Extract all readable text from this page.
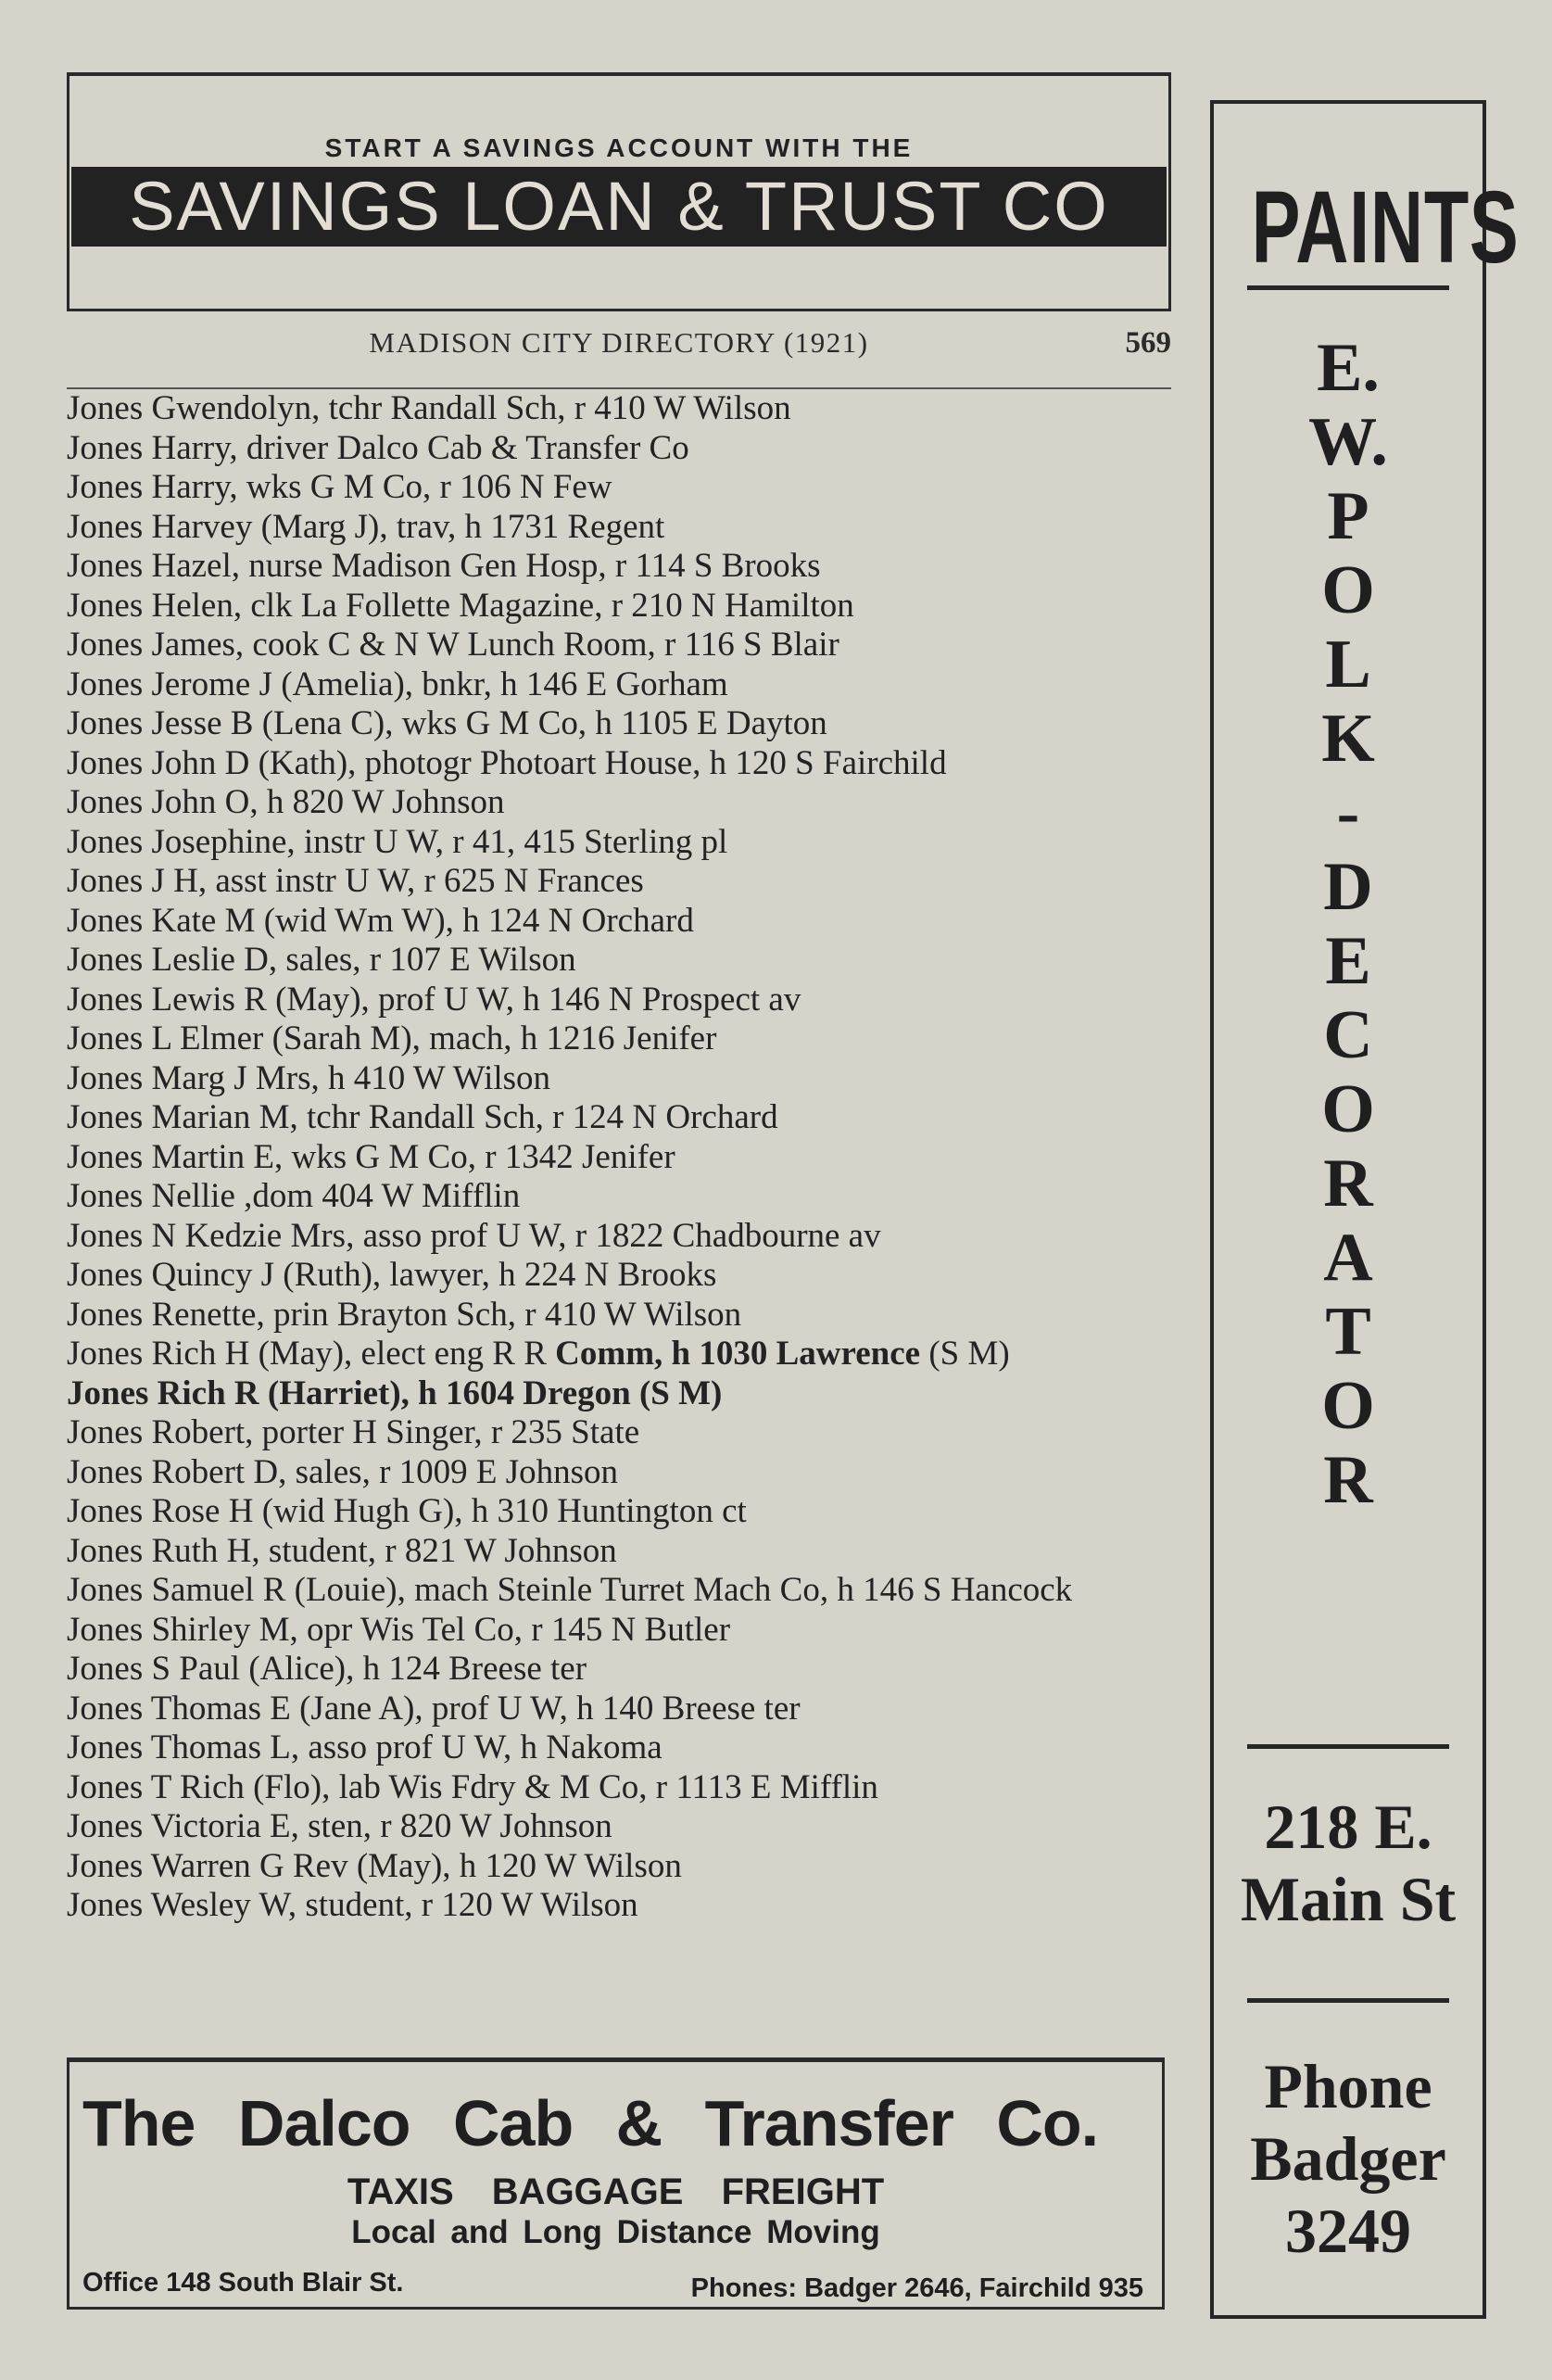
START A SAVINGS ACCOUNT WITH THE
SAVINGS LOAN & TRUST CO
MADISON CITY DIRECTORY (1921)	569
Jones Gwendolyn, tchr Randall Sch, r 410 W Wilson
Jones Harry, driver Dalco Cab & Transfer Co
Jones Harry, wks G M Co, r 106 N Few
Jones Harvey (Marg J), trav, h 1731 Regent
Jones Hazel, nurse Madison Gen Hosp, r 114 S Brooks
Jones Helen, clk La Follette Magazine, r 210 N Hamilton
Jones James, cook C & N W Lunch Room, r 116 S Blair
Jones Jerome J (Amelia), bnkr, h 146 E Gorham
Jones Jesse B (Lena C), wks G M Co, h 1105 E Dayton
Jones John D (Kath), photogr Photoart House, h 120 S Fairchild
Jones John O, h 820 W Johnson
Jones Josephine, instr U W, r 41, 415 Sterling pl
Jones J H, asst instr U W, r 625 N Frances
Jones Kate M (wid Wm W), h 124 N Orchard
Jones Leslie D, sales, r 107 E Wilson
Jones Lewis R (May), prof U W, h 146 N Prospect av
Jones L Elmer (Sarah M), mach, h 1216 Jenifer
Jones Marg J Mrs, h 410 W Wilson
Jones Marian M, tchr Randall Sch, r 124 N Orchard
Jones Martin E, wks G M Co, r 1342 Jenifer
Jones Nellie ,dom 404 W Mifflin
Jones N Kedzie Mrs, asso prof U W, r 1822 Chadbourne av
Jones Quincy J (Ruth), lawyer, h 224 N Brooks
Jones Renette, prin Brayton Sch, r 410 W Wilson
Jones Rich H (May), elect eng R R Comm, h 1030 Lawrence (S M)
Jones Rich R (Harriet), h 1604 Dregon (S M)
Jones Robert, porter H Singer, r 235 State
Jones Robert D, sales, r 1009 E Johnson
Jones Rose H (wid Hugh G), h 310 Huntington ct
Jones Ruth H, student, r 821 W Johnson
Jones Samuel R (Louie), mach Steinle Turret Mach Co, h 146 S Hancock
Jones Shirley M, opr Wis Tel Co, r 145 N Butler
Jones S Paul (Alice), h 124 Breese ter
Jones Thomas E (Jane A), prof U W, h 140 Breese ter
Jones Thomas L, asso prof U W, h Nakoma
Jones T Rich (Flo), lab Wis Fdry & M Co, r 1113 E Mifflin
Jones Victoria E, sten, r 820 W Johnson
Jones Warren G Rev (May), h 120 W Wilson
Jones Wesley W, student, r 120 W Wilson
The Dalco Cab & Transfer Co.
TAXIS BAGGAGE FREIGHT
Local and Long Distance Moving
Office 148 South Blair St.	Phones: Badger 2646, Fairchild 935
PAINTS
E.
W.
P
O
L
K
-
D
E
C
O
R
A
T
O
R
218 E.
Main St
Phone
Badger
3249
